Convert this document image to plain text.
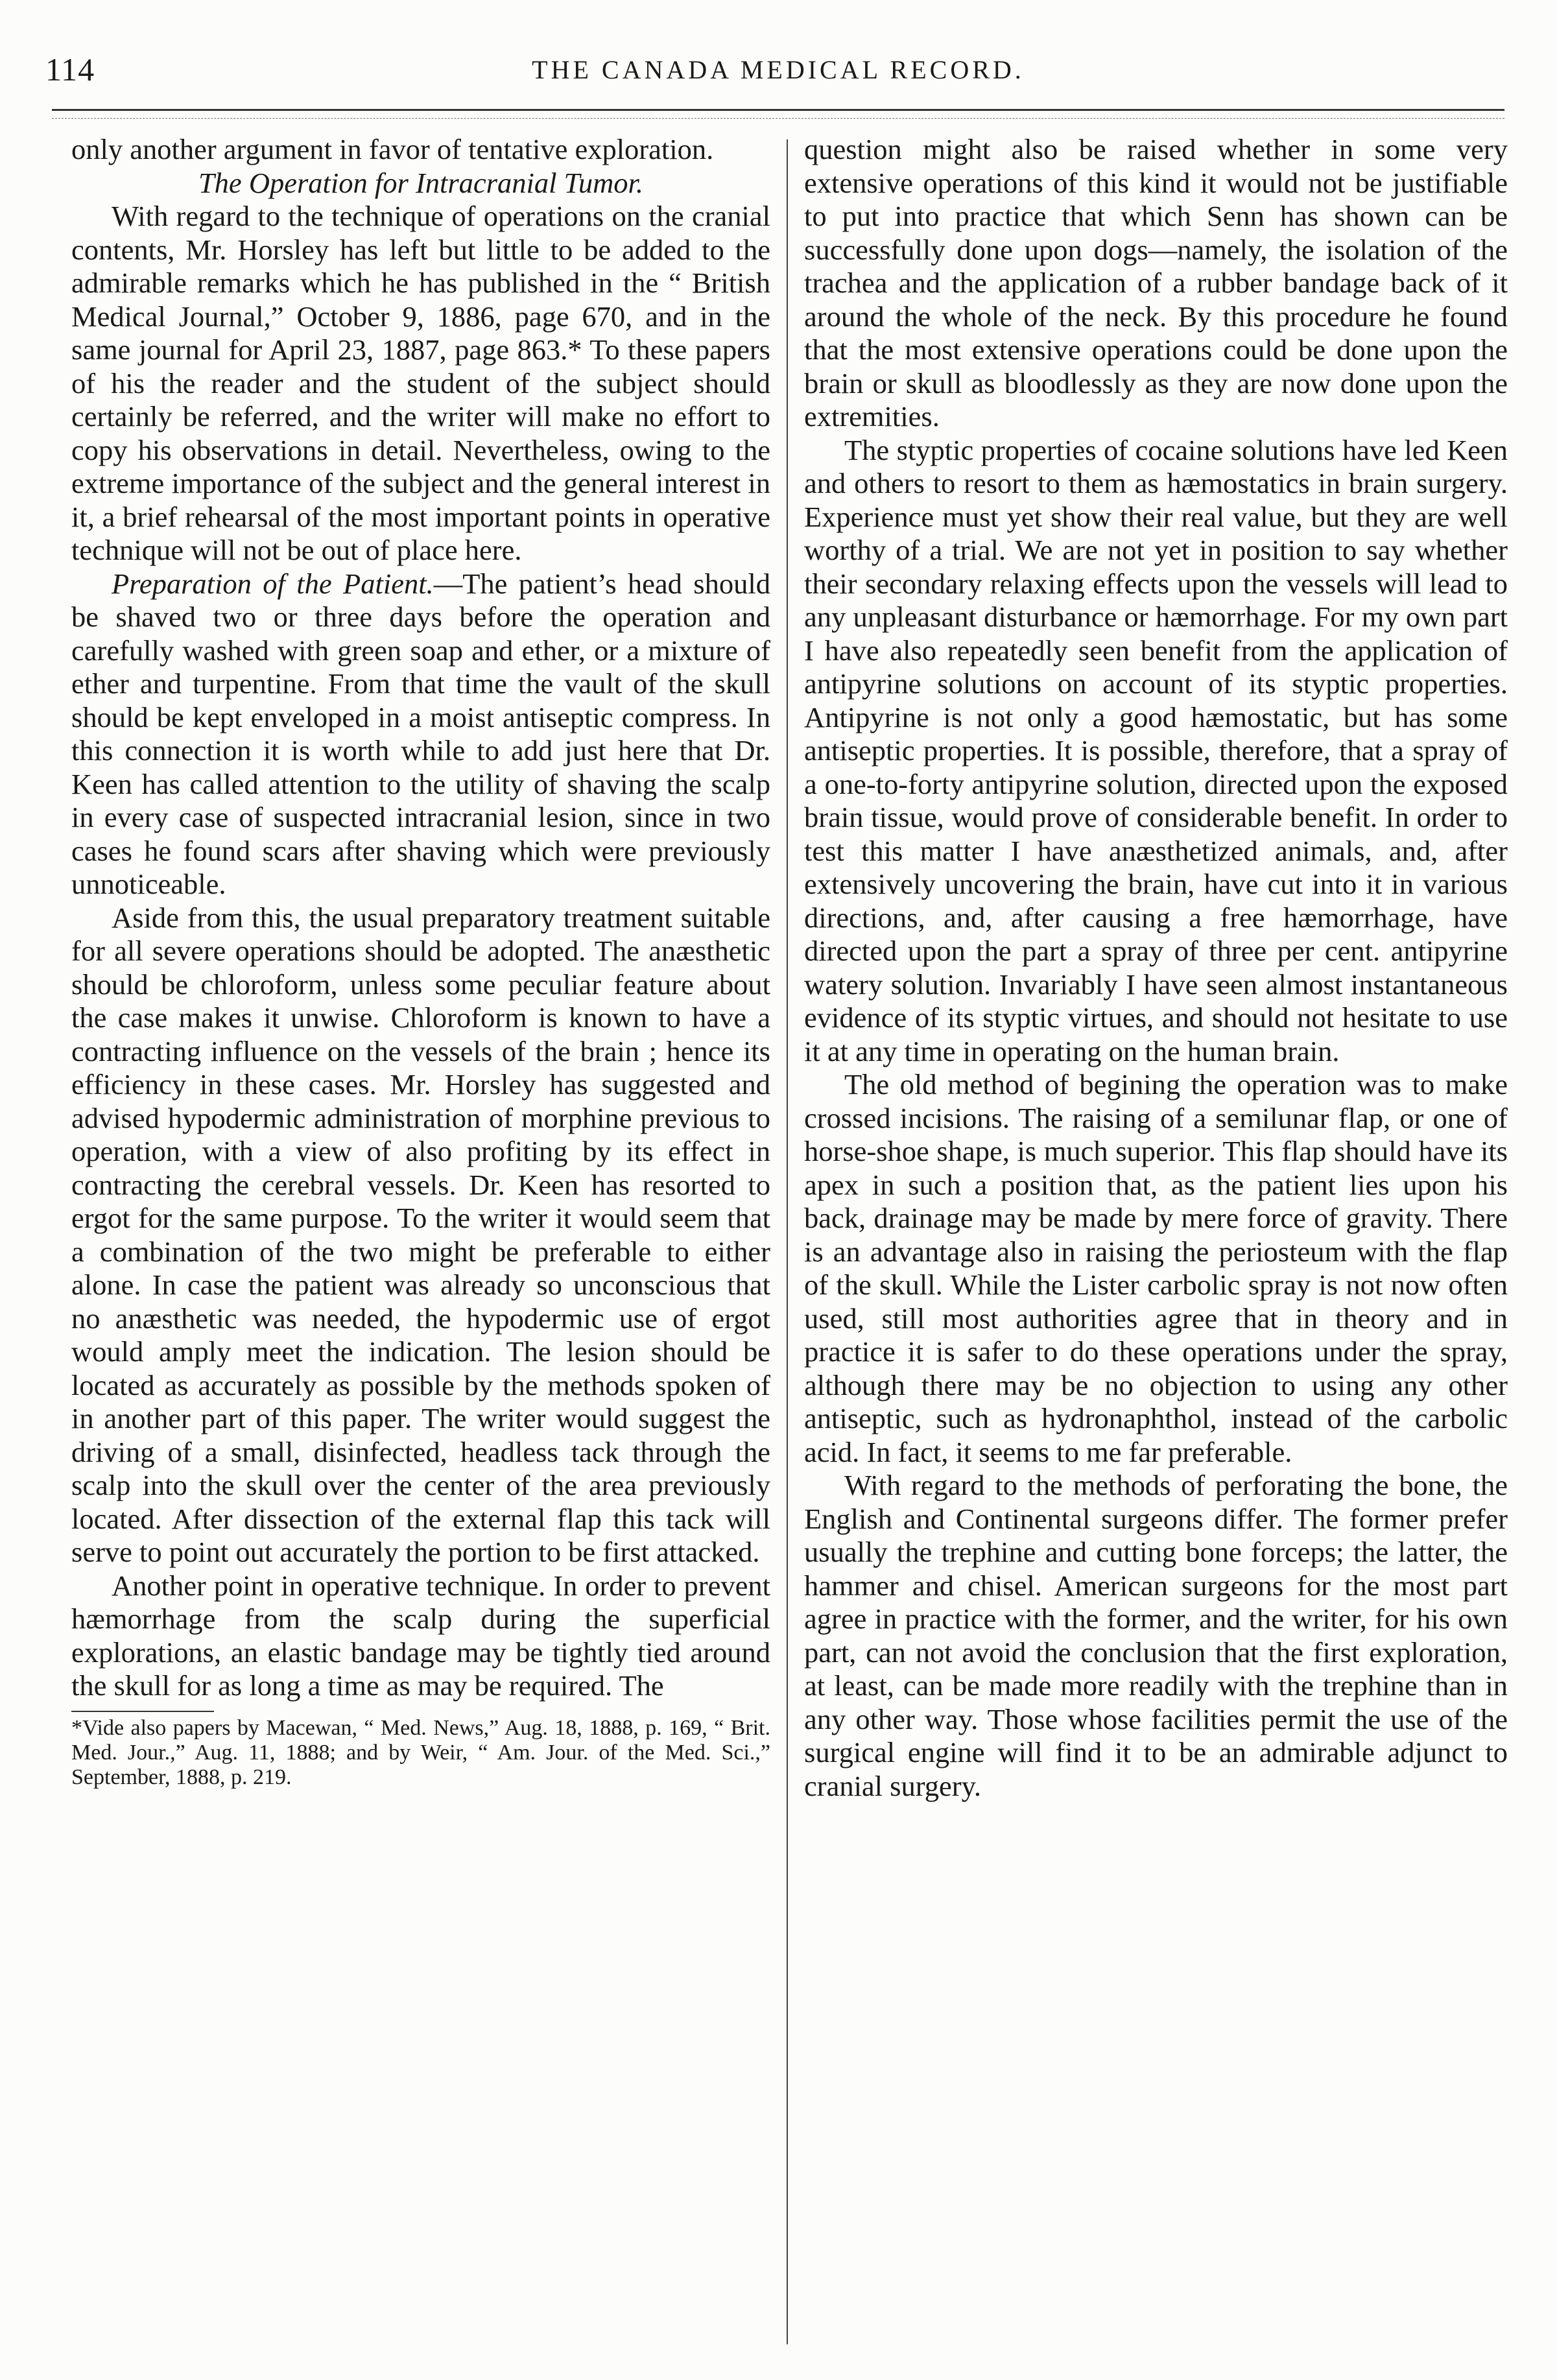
114	THE CANADA MEDICAL RECORD.

only another argument in favor of tentative exploration.

The Operation for Intracranial Tumor.

With regard to the technique of operations on the cranial contents, Mr. Horsley has left but little to be added to the admirable remarks which he has published in the “ British Medical Journal,” October 9, 1886, page 670, and in the same journal for April 23, 1887, page 863.* To these papers of his the reader and the student of the subject should certainly be referred, and the writer will make no effort to copy his observations in detail. Nevertheless, owing to the extreme importance of the subject and the general interest in it, a brief rehearsal of the most important points in operative technique will not be out of place here.

Preparation of the Patient.—The patient’s head should be shaved two or three days before the operation and carefully washed with green soap and ether, or a mixture of ether and turpentine. From that time the vault of the skull should be kept enveloped in a moist antiseptic compress. In this connection it is worth while to add just here that Dr. Keen has called attention to the utility of shaving the scalp in every case of suspected intracranial lesion, since in two cases he found scars after shaving which were previously unnoticeable.

Aside from this, the usual preparatory treatment suitable for all severe operations should be adopted. The anæsthetic should be chloroform, unless some peculiar feature about the case makes it unwise. Chloroform is known to have a contracting influence on the vessels of the brain ; hence its efficiency in these cases. Mr. Horsley has suggested and advised hypodermic administration of morphine previous to operation, with a view of also profiting by its effect in contracting the cerebral vessels. Dr. Keen has resorted to ergot for the same purpose. To the writer it would seem that a combination of the two might be preferable to either alone. In case the patient was already so unconscious that no anæsthetic was needed, the hypodermic use of ergot would amply meet the indication. The lesion should be located as accurately as possible by the methods spoken of in another part of this paper. The writer would suggest the driving of a small, disinfected, headless tack through the scalp into the skull over the center of the area previously located. After dissection of the external flap this tack will serve to point out accurately the portion to be first attacked.

Another point in operative technique. In order to prevent hæmorrhage from the scalp during the superficial explorations, an elastic bandage may be tightly tied around the skull for as long a time as may be required. The

*Vide also papers by Macewan, “ Med. News,” Aug. 18, 1888, p. 169, “ Brit. Med. Jour.,” Aug. 11, 1888; and by Weir, “ Am. Jour. of the Med. Sci.,” September, 1888, p. 219.

question might also be raised whether in some very extensive operations of this kind it would not be justifiable to put into practice that which Senn has shown can be successfully done upon dogs—namely, the isolation of the trachea and the application of a rubber bandage back of it around the whole of the neck. By this procedure he found that the most extensive operations could be done upon the brain or skull as bloodlessly as they are now done upon the extremities.

The styptic properties of cocaine solutions have led Keen and others to resort to them as hæmostatics in brain surgery. Experience must yet show their real value, but they are well worthy of a trial. We are not yet in position to say whether their secondary relaxing effects upon the vessels will lead to any unpleasant disturbance or hæmorrhage. For my own part I have also repeatedly seen benefit from the application of antipyrine solutions on account of its styptic properties. Antipyrine is not only a good hæmostatic, but has some antiseptic properties. It is possible, therefore, that a spray of a one-to-forty antipyrine solution, directed upon the exposed brain tissue, would prove of considerable benefit. In order to test this matter I have anæsthetized animals, and, after extensively uncovering the brain, have cut into it in various directions, and, after causing a free hæmorrhage, have directed upon the part a spray of three per cent. antipyrine watery solution. Invariably I have seen almost instantaneous evidence of its styptic virtues, and should not hesitate to use it at any time in operating on the human brain.

The old method of begining the operation was to make crossed incisions. The raising of a semilunar flap, or one of horse-shoe shape, is much superior. This flap should have its apex in such a position that, as the patient lies upon his back, drainage may be made by mere force of gravity. There is an advantage also in raising the periosteum with the flap of the skull. While the Lister carbolic spray is not now often used, still most authorities agree that in theory and in practice it is safer to do these operations under the spray, although there may be no objection to using any other antiseptic, such as hydronaphthol, instead of the carbolic acid. In fact, it seems to me far preferable.

With regard to the methods of perforating the bone, the English and Continental surgeons differ. The former prefer usually the trephine and cutting bone forceps; the latter, the hammer and chisel. American surgeons for the most part agree in practice with the former, and the writer, for his own part, can not avoid the conclusion that the first exploration, at least, can be made more readily with the trephine than in any other way. Those whose facilities permit the use of the surgical engine will find it to be an admirable adjunct to cranial surgery.
